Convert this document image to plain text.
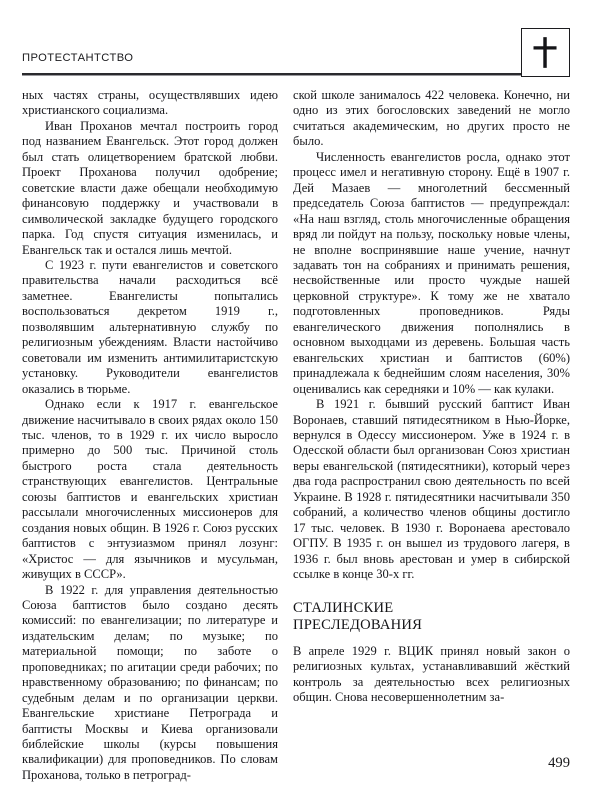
ПРОТЕСТАНТСТВО

ных частях страны, осуществлявших идею христианского социализма.

Иван Проханов мечтал построить город под названием Евангельск. Этот город должен был стать олицетворением братской любви. Проект Проханова получил одобрение; советские власти даже обещали необходимую финансовую поддержку и участвовали в символической закладке будущего городского парка. Год спустя ситуация изменилась, и Евангельск так и остался лишь мечтой.

С 1923 г. пути евангелистов и советского правительства начали расходиться всё заметнее. Евангелисты попытались воспользоваться декретом 1919 г., позволявшим альтернативную службу по религиозным убеждениям. Власти настойчиво советовали им изменить антимилитаристскую установку. Руководители евангелистов оказались в тюрьме.

Однако если к 1917 г. евангельское движение насчитывало в своих рядах около 150 тыс. членов, то в 1929 г. их число выросло примерно до 500 тыс. Причиной столь быстрого роста стала деятельность странствующих евангелистов. Центральные союзы баптистов и евангельских христиан рассылали многочисленных миссионеров для создания новых общин. В 1926 г. Союз русских баптистов с энтузиазмом принял лозунг: «Христос — для язычников и мусульман, живущих в СССР».

В 1922 г. для управления деятельностью Союза баптистов было создано десять комиссий: по евангелизации; по литературе и издательским делам; по музыке; по материальной помощи; по заботе о проповедниках; по агитации среди рабочих; по нравственному образованию; по финансам; по судебным делам и по организации церкви. Евангельские христиане Петрограда и баптисты Москвы и Киева организовали библейские школы (курсы повышения квалификации) для проповедников. По словам Проханова, только в петроград-

ской школе занималось 422 человека. Конечно, ни одно из этих богословских заведений не могло считаться академическим, но других просто не было.

Численность евангелистов росла, однако этот процесс имел и негативную сторону. Ещё в 1907 г. Дей Мазаев — многолетний бессменный председатель Союза баптистов — предупреждал: «На наш взгляд, столь многочисленные обращения вряд ли пойдут на пользу, поскольку новые члены, не вполне воспринявшие наше учение, начнут задавать тон на собраниях и принимать решения, несвойственные или просто чуждые нашей церковной структуре». К тому же не хватало подготовленных проповедников. Ряды евангелического движения пополнялись в основном выходцами из деревень. Большая часть евангельских христиан и баптистов (60%) принадлежала к беднейшим слоям населения, 30% оценивались как середняки и 10% — как кулаки.

В 1921 г. бывший русский баптист Иван Воронаев, ставший пятидесятником в Нью-Йорке, вернулся в Одессу миссионером. Уже в 1924 г. в Одесской области был организован Союз христиан веры евангельской (пятидесятники), который через два года распространил свою деятельность по всей Украине. В 1928 г. пятидесятники насчитывали 350 собраний, а количество членов общины достигло 17 тыс. человек. В 1930 г. Воронаева арестовало ОГПУ. В 1935 г. он вышел из трудового лагеря, в 1936 г. был вновь арестован и умер в сибирской ссылке в конце 30-х гг.

СТАЛИНСКИЕ
ПРЕСЛЕДОВАНИЯ

В апреле 1929 г. ВЦИК принял новый закон о религиозных культах, устанавливавший жёсткий контроль за деятельностью всех религиозных общин. Снова несовершеннолетним за-

499
